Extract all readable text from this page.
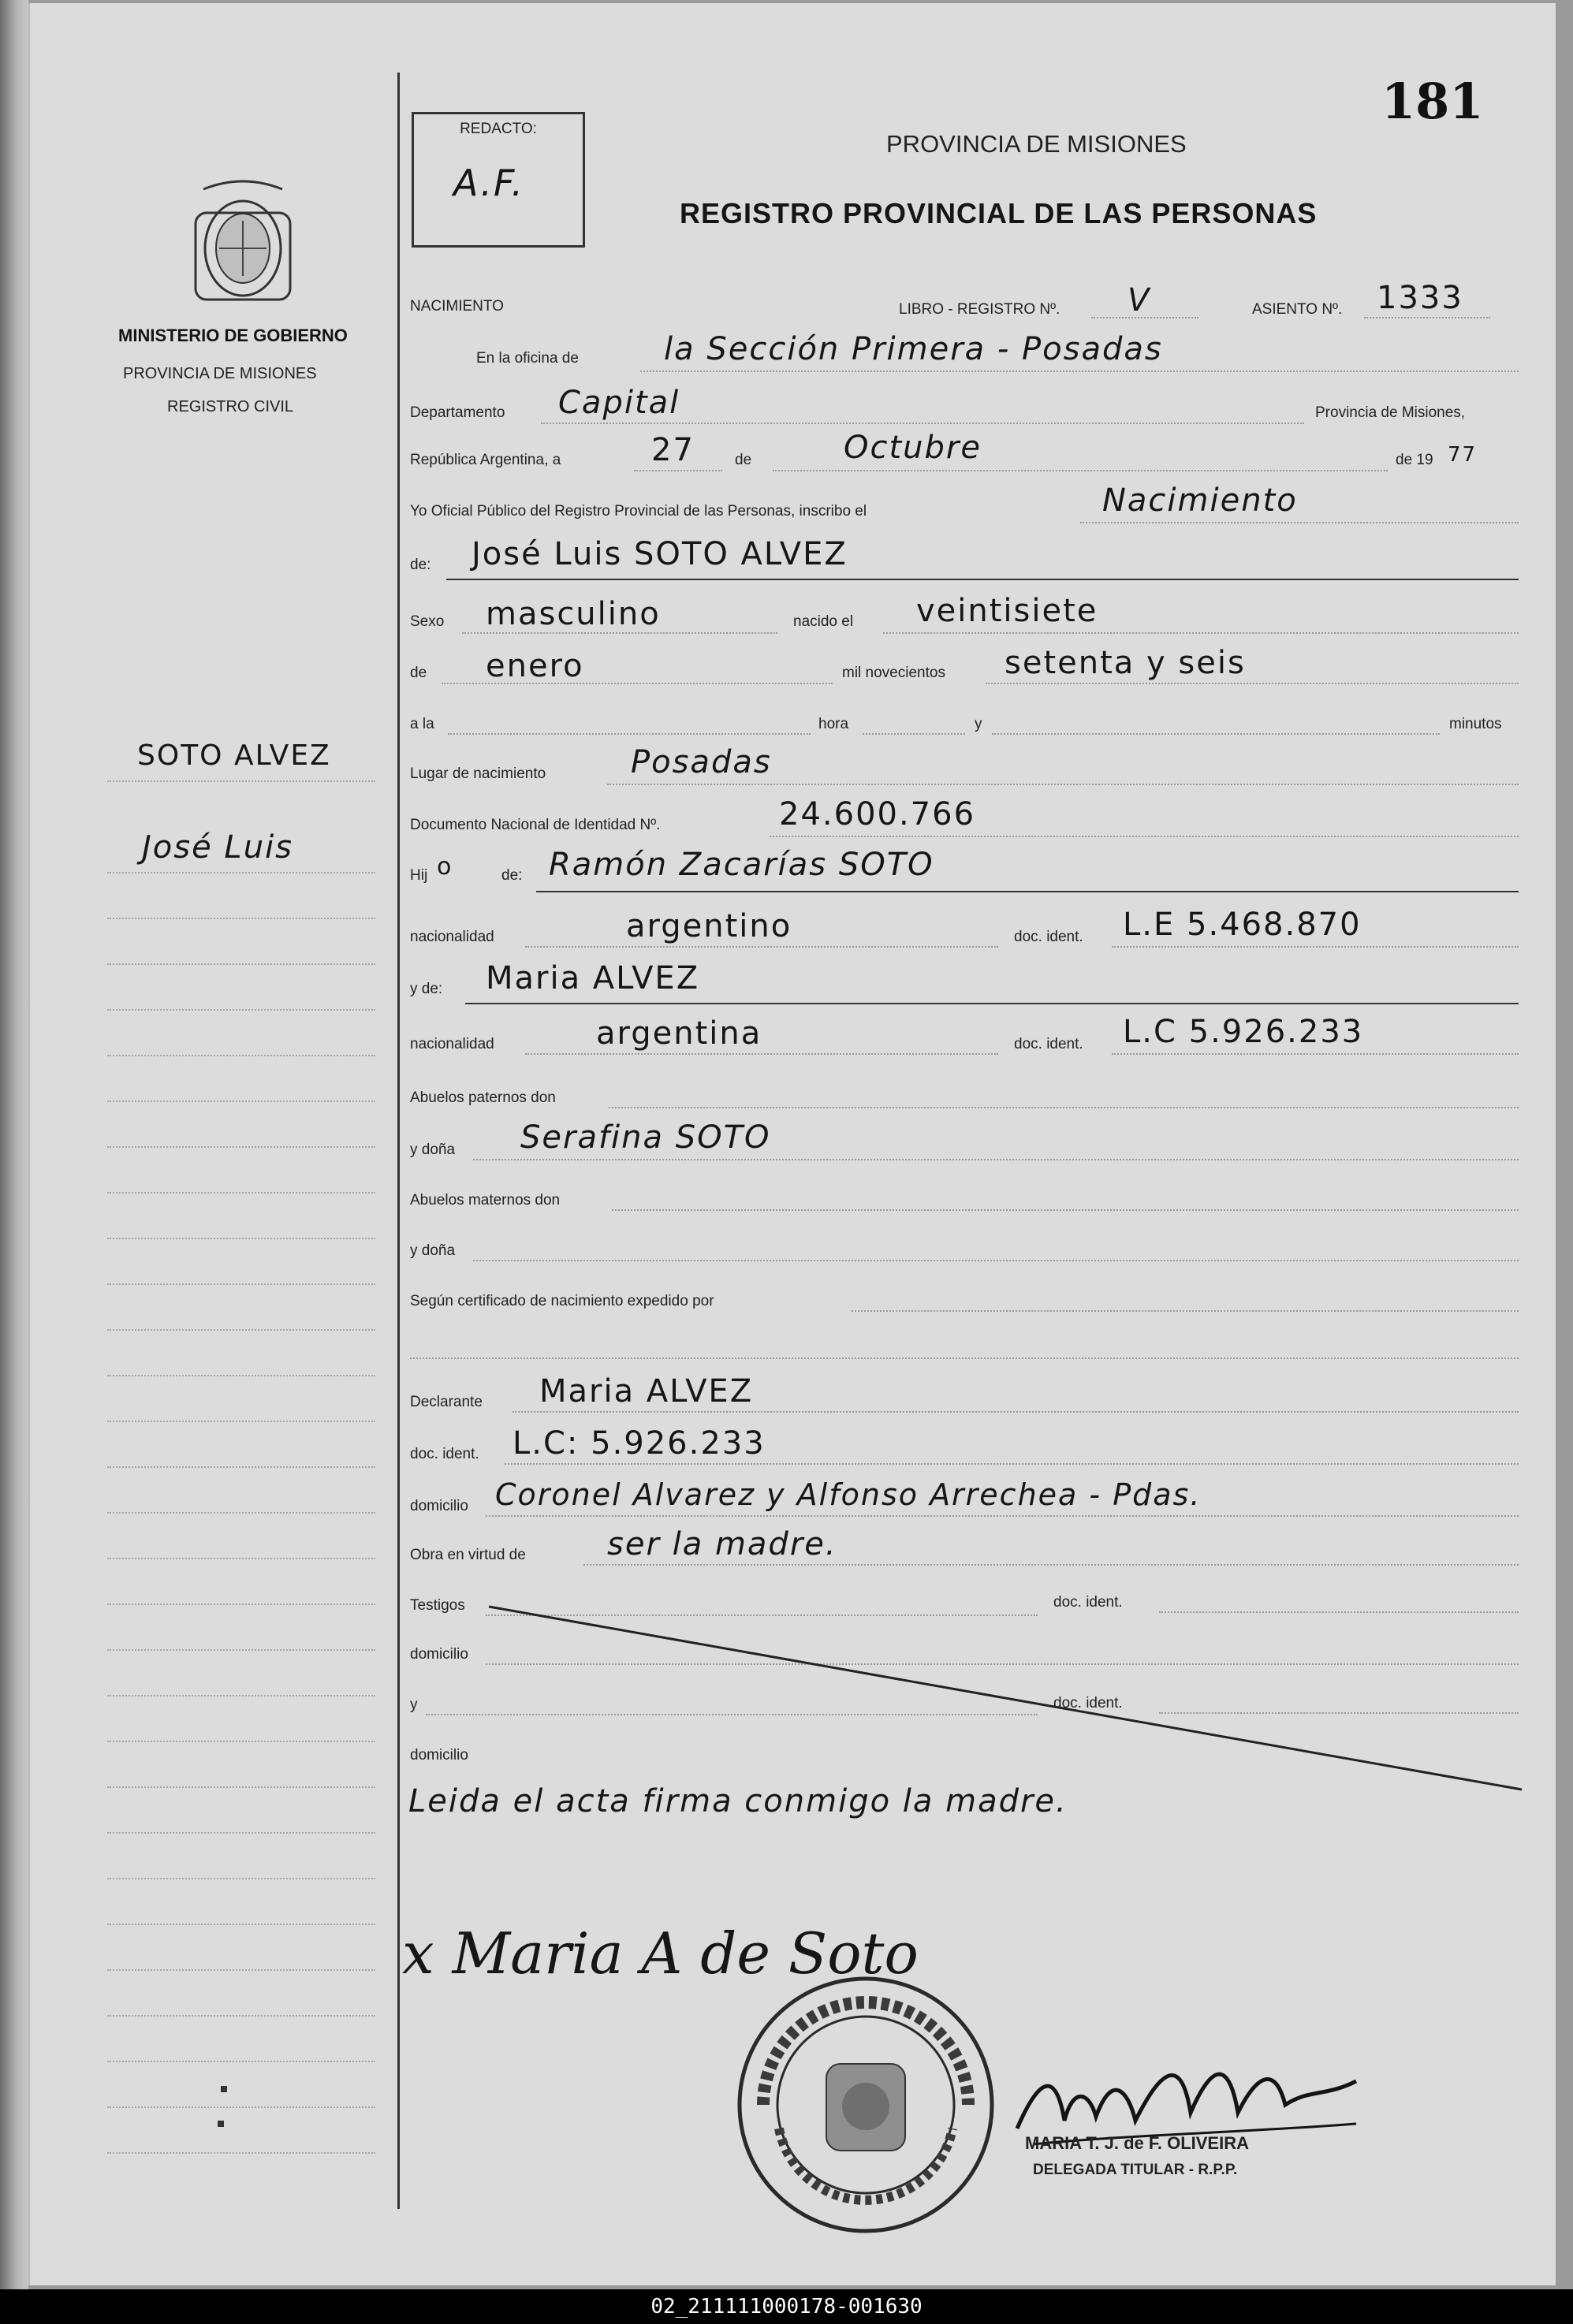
181
REDACTO:
A.F.
PROVINCIA DE MISIONES
REGISTRO PROVINCIAL DE LAS PERSONAS
MINISTERIO DE GOBIERNO
PROVINCIA DE MISIONES
REGISTRO CIVIL
SOTO ALVEZ
José Luis
NACIMIENTO	LIBRO - REGISTRO Nº. V	ASIENTO Nº. 1333
En la oficina de	la Sección Primera - Posadas
Departamento Capital	Provincia de Misiones,
República Argentina, a	27	de	Octubre	de 19 77
Yo Oficial Público del Registro Provincial de las Personas, inscribo el	Nacimiento
de: José Luis SOTO ALVEZ
Sexo masculino	nacido el veintisiete
de enero	mil novecientos setenta y seis
a la	hora	y	minutos
Lugar de nacimiento	Posadas
Documento Nacional de Identidad Nº.	24.600.766
Hij o	de: Ramón Zacarías SOTO
nacionalidad	argentino	doc. ident. L.E 5.468.870
y de: Maria ALVEZ
nacionalidad	argentina	doc. ident. L.C 5.926.233
Abuelos paternos don
y doña Serafina SOTO
Abuelos maternos don
y doña
Según certificado de nacimiento expedido por
Declarante Maria ALVEZ
doc. ident. L.C: 5.926.233
domicilio Coronel Alvarez y Alfonso Arrechea - Pdas.
Obra en virtud de	ser la madre.
Testigos	doc. ident.
domicilio
y	doc. ident.
domicilio
Leida el acta firma conmigo la madre.
x Maria A de Soto
MARIA T. J. de F. OLIVEIRA
DELEGADA TITULAR - R.P.P.
02_211111000178-001630
